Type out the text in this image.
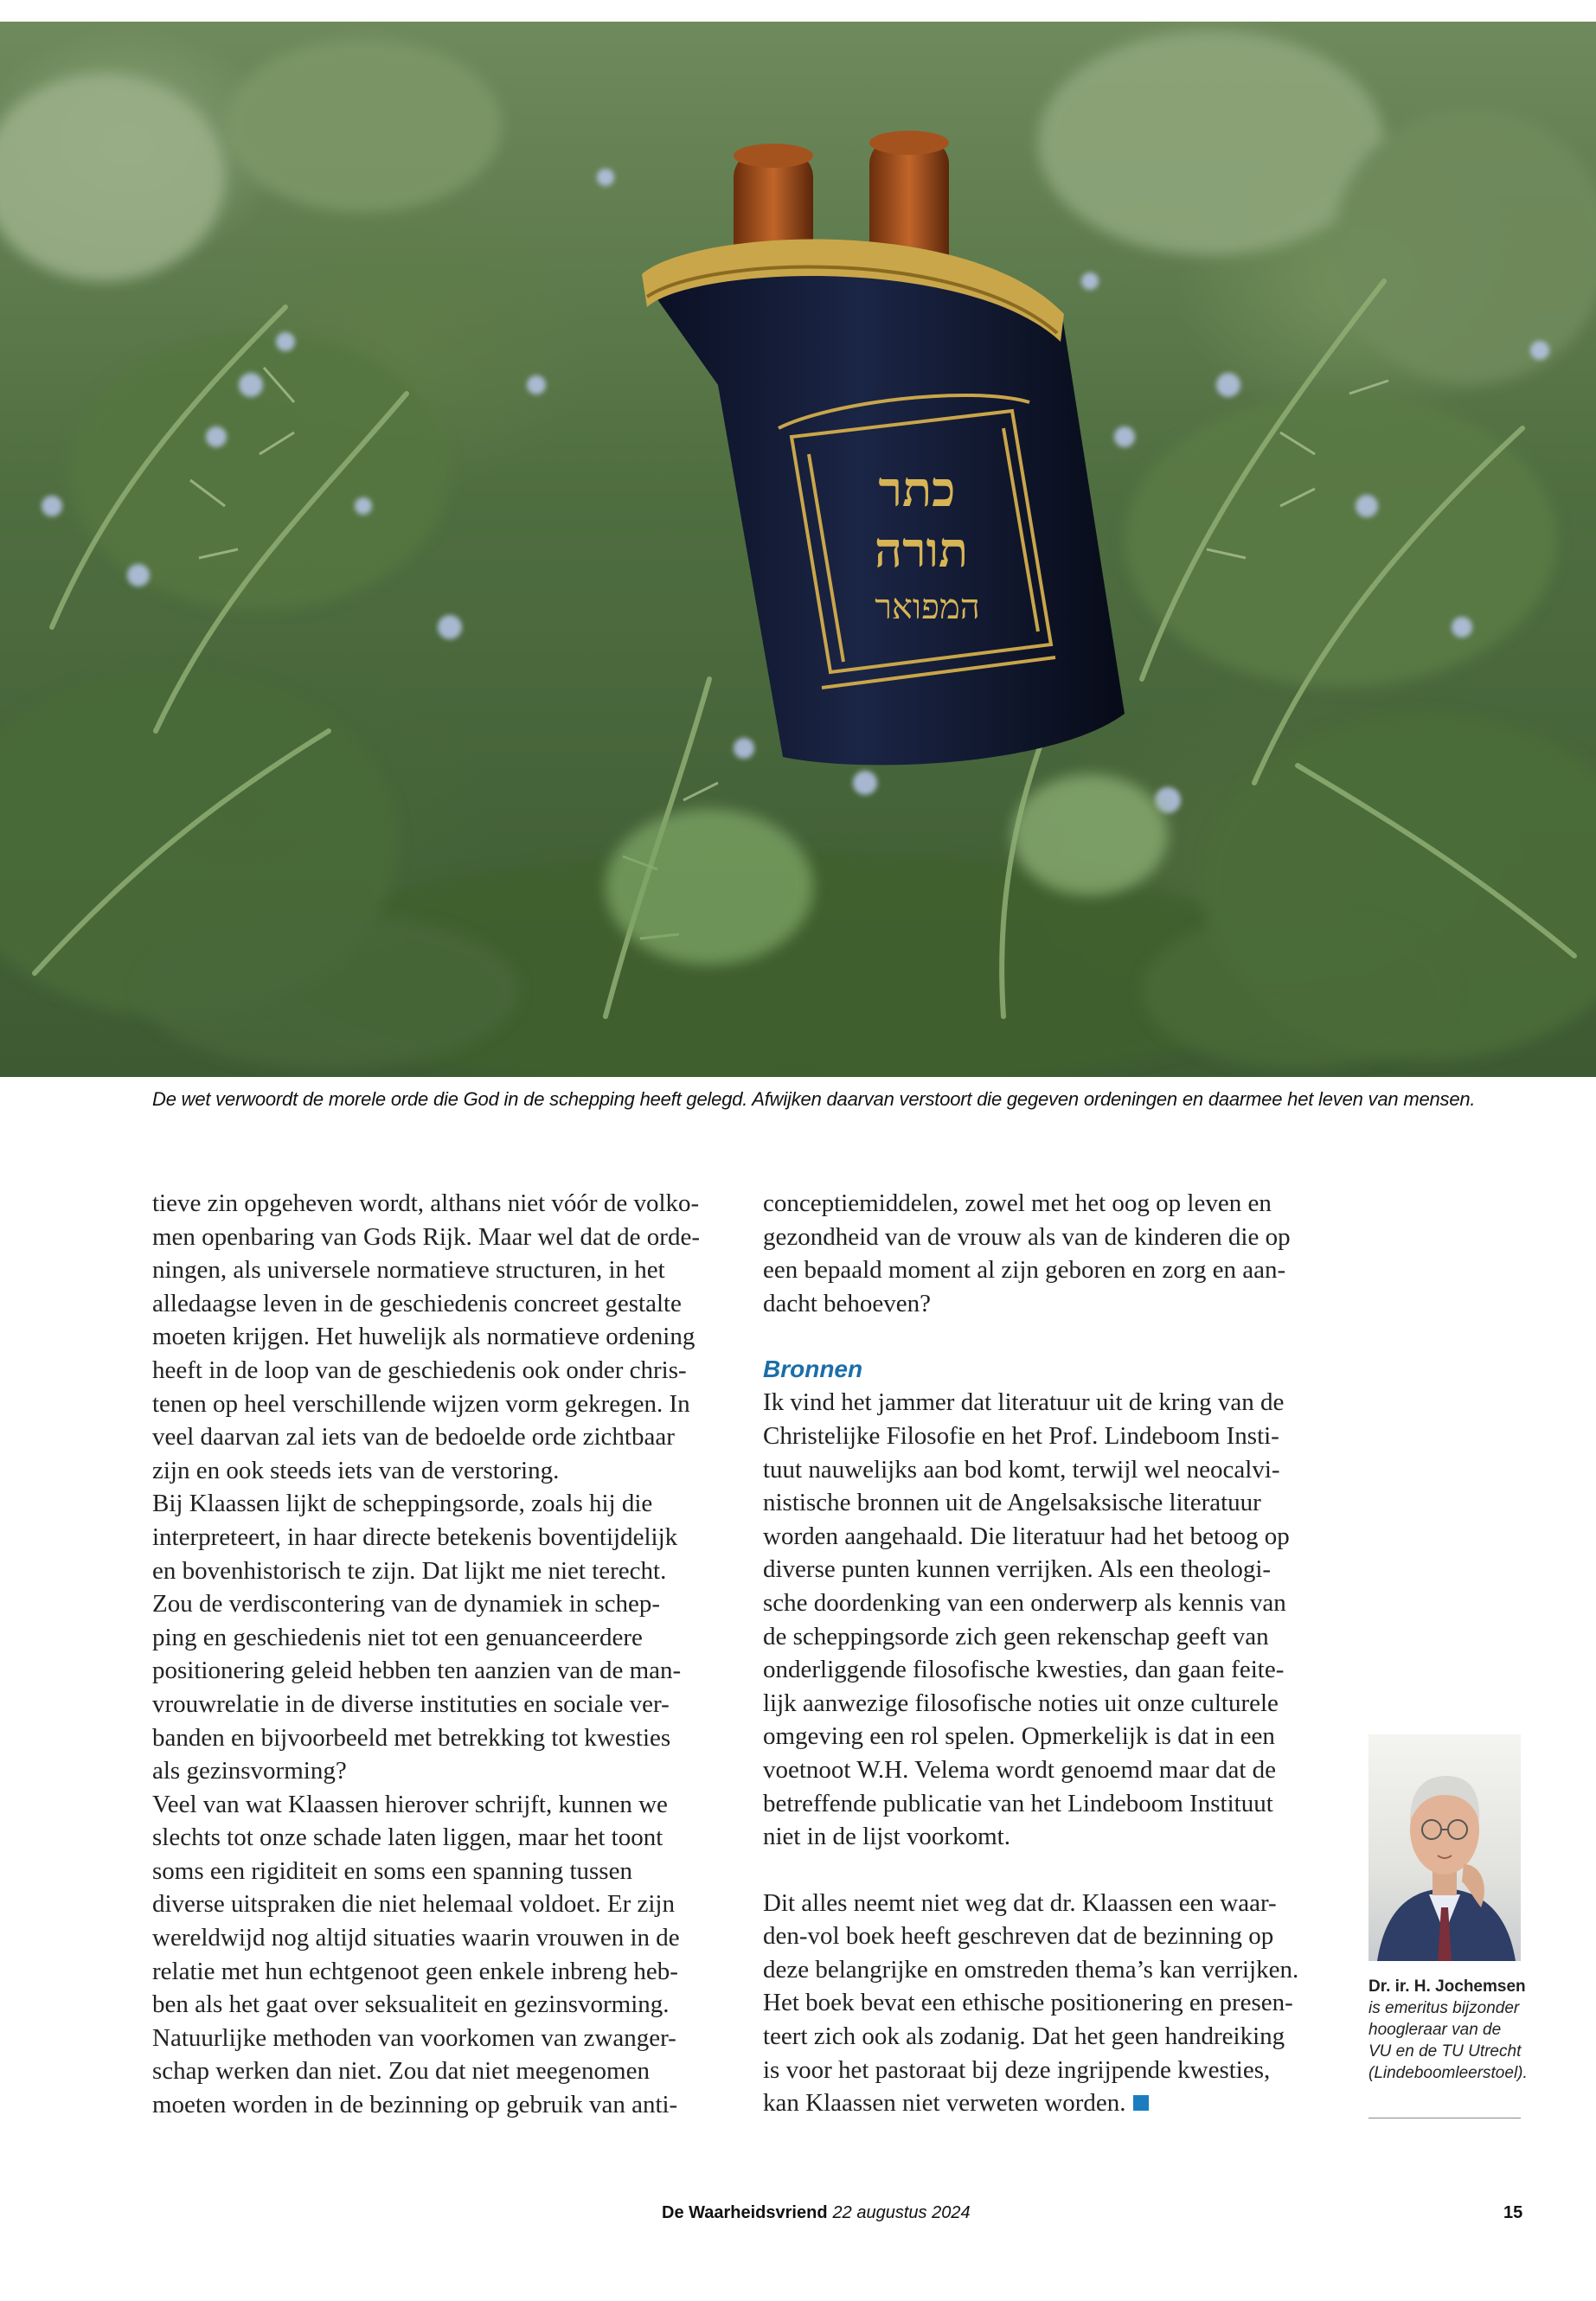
כתר
תורה
המפואר
De wet verwoordt de morele orde die God in de schepping heeft gelegd. Afwijken daarvan verstoort die gegeven ordeningen en daarmee het leven van mensen.

tieve zin opgeheven wordt, althans niet vóór de volko-

men openbaring van Gods Rijk. Maar wel dat de orde-

ningen, als universele normatieve structuren, in het

alledaagse leven in de geschiedenis concreet gestalte

moeten krijgen. Het huwelijk als normatieve ordening

heeft in de loop van de geschiedenis ook onder chris-

tenen op heel verschillende wijzen vorm gekregen. In

veel daarvan zal iets van de bedoelde orde zichtbaar

zijn en ook steeds iets van de verstoring.

Bij Klaassen lijkt de scheppingsorde, zoals hij die

interpreteert, in haar directe betekenis boventijdelijk

en bovenhistorisch te zijn. Dat lijkt me niet terecht.

Zou de verdiscontering van de dynamiek in schep-

ping en geschiedenis niet tot een genuanceerdere

positionering geleid hebben ten aanzien van de man-

vrouwrelatie in de diverse instituties en sociale ver-

banden en bijvoorbeeld met betrekking tot kwesties

als gezinsvorming?

Veel van wat Klaassen hierover schrijft, kunnen we

slechts tot onze schade laten liggen, maar het toont

soms een rigiditeit en soms een spanning tussen

diverse uitspraken die niet helemaal voldoet. Er zijn

wereldwijd nog altijd situaties waarin vrouwen in de

relatie met hun echtgenoot geen enkele inbreng heb-

ben als het gaat over seksualiteit en gezinsvorming.

Natuurlijke methoden van voorkomen van zwanger-

schap werken dan niet. Zou dat niet meegenomen

moeten worden in de bezinning op gebruik van anti-

conceptiemiddelen, zowel met het oog op leven en

gezondheid van de vrouw als van de kinderen die op

een bepaald moment al zijn geboren en zorg en aan-

dacht behoeven?

Bronnen

Ik vind het jammer dat literatuur uit de kring van de

Christelijke Filosofie en het Prof. Lindeboom Insti-

tuut nauwelijks aan bod komt, terwijl wel neocalvi-

nistische bronnen uit de Angelsaksische literatuur

worden aangehaald. Die literatuur had het betoog op

diverse punten kunnen verrijken. Als een theologi-

sche doordenking van een onderwerp als kennis van

de scheppingsorde zich geen rekenschap geeft van

onderliggende filosofische kwesties, dan gaan feite-

lijk aanwezige filosofische noties uit onze culturele

omgeving een rol spelen. Opmerkelijk is dat in een

voetnoot W.H. Velema wordt genoemd maar dat de

betreffende publicatie van het Lindeboom Instituut

niet in de lijst voorkomt.

Dit alles neemt niet weg dat dr. Klaassen een waar-

den-vol boek heeft geschreven dat de bezinning op

deze belangrijke en omstreden thema’s kan verrijken.

Het boek bevat een ethische positionering en presen-

teert zich ook als zodanig. Dat het geen handreiking

is voor het pastoraat bij deze ingrijpende kwesties,

kan Klaassen niet verweten worden.

Dr. ir. H. Jochemsen
is emeritus bijzonder
hoogleraar van de
VU en de TU Utrecht
(Lindeboomleerstoel).
De Waarheidsvriend 22 augustus 2024	15
